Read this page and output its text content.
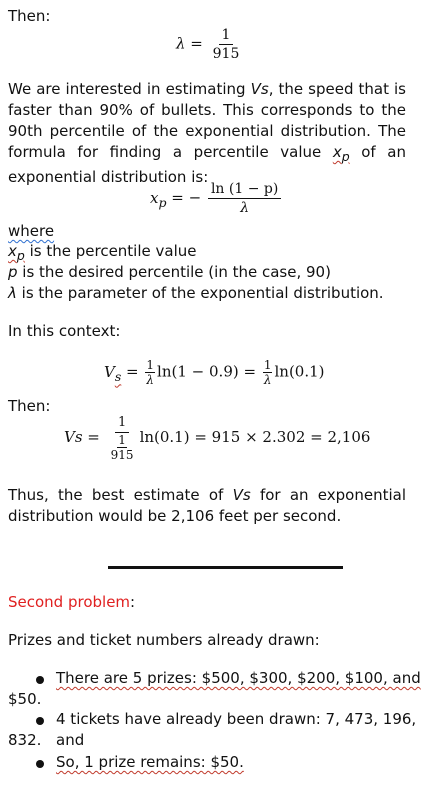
Then:
$\lambda = \frac{1}{915}$
We are interested in estimating Vs, the speed that is faster than 90% of bullets. This corresponds to the 90th percentile of the exponential distribution. The formula for finding a percentile value $x_p$ of an exponential distribution is:
$x_p$ = − $\frac{\ln (1 - p)}{\lambda}$
where
$x_p$ is the percentile value
p is the desired percentile (in the case, 90)
λ is the parameter of the exponential distribution.
In this context:
$V_s = \frac{1}{\lambda} \ln(1 - 0.9) = \frac{1}{\lambda} \ln(0.1)$
Then:
$Vs = \frac{1}{\frac{1}{915}} \ln(0.1) = 915 \times 2.302 = 2,106$
Thus, the best estimate of Vs for an exponential distribution would be 2,106 feet per second.
Second problem:
Prizes and ticket numbers already drawn:
There are 5 prizes: $500, $300, $200, $100, and
$50.
4 tickets have already been drawn: 7, 473, 196, and
832.
So, 1 prize remains: $50.
